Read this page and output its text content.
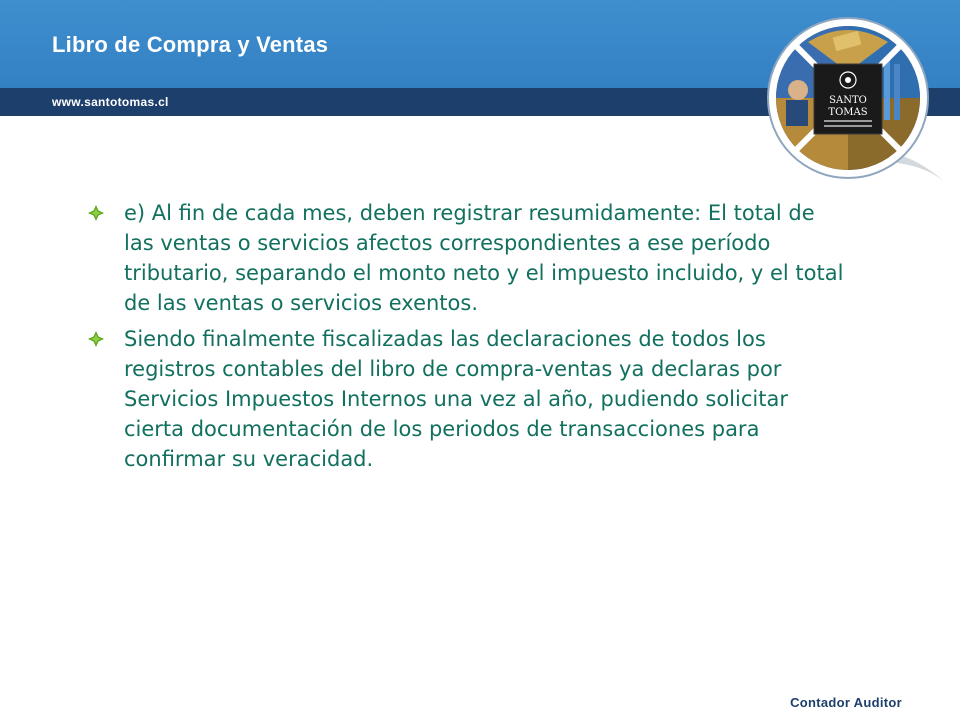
Libro de Compra y Ventas
www.santotomas.cl	SANTO
TOMAS

e) Al fin de cada mes, deben registrar resumidamente: El total de las ventas o servicios afectos correspondientes a ese período tributario, separando el monto neto y el impuesto incluido, y el total de las ventas o servicios exentos.

Siendo finalmente fiscalizadas las declaraciones de todos los registros contables del libro de compra-ventas ya declaras por Servicios Impuestos Internos una vez al año, pudiendo solicitar cierta documentación de los periodos de transacciones para confirmar su veracidad.

Contador Auditor
